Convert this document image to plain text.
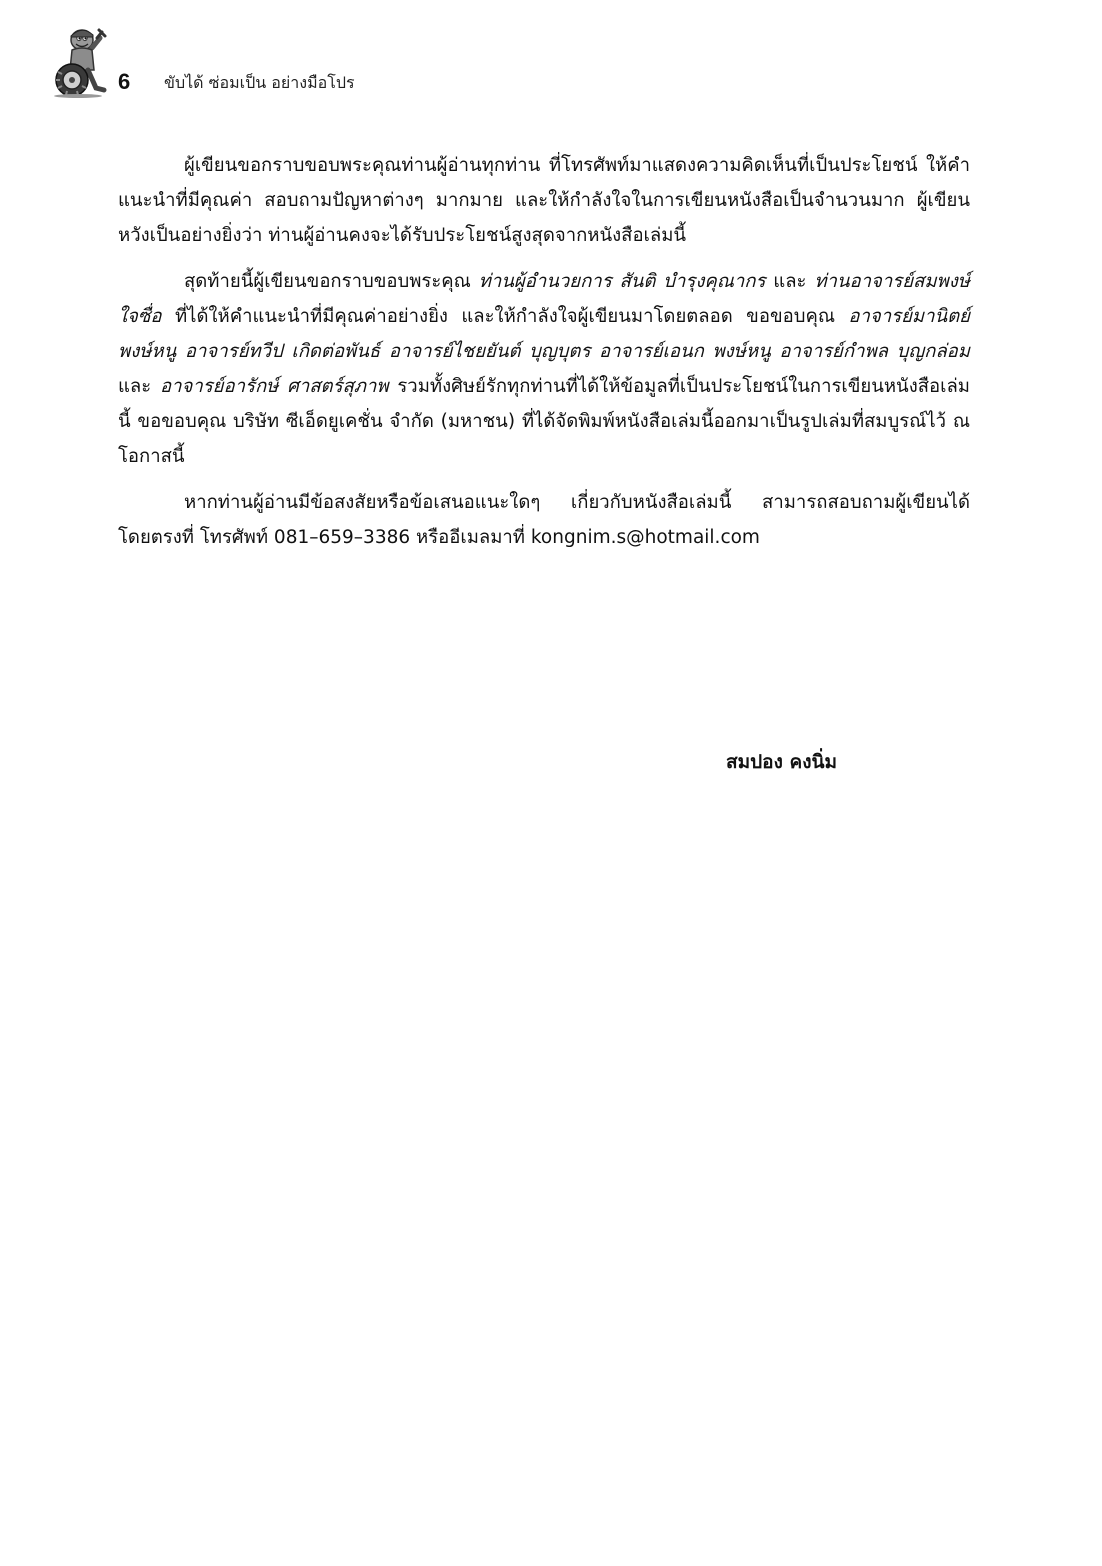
6 ขับได้ ซ่อมเป็น อย่างมือโปร

ผู้เขียนขอกราบขอบพระคุณท่านผู้อ่านทุกท่าน ที่โทรศัพท์มาแสดงความคิดเห็นที่เป็นประโยชน์ ให้คำแนะนำที่มีคุณค่า สอบถามปัญหาต่างๆ มากมาย และให้กำลังใจในการเขียนหนังสือเป็นจำนวนมาก ผู้เขียนหวังเป็นอย่างยิ่งว่า ท่านผู้อ่านคงจะได้รับประโยชน์สูงสุดจากหนังสือเล่มนี้

สุดท้ายนี้ผู้เขียนขอกราบขอบพระคุณ ท่านผู้อำนวยการ สันติ บำรุงคุณากร และ ท่านอาจารย์สมพงษ์ ใจซื่อ ที่ได้ให้คำแนะนำที่มีคุณค่าอย่างยิ่ง และให้กำลังใจผู้เขียนมาโดยตลอด ขอขอบคุณ อาจารย์มานิตย์ พงษ์หนู อาจารย์ทวีป เกิดต่อพันธ์ อาจารย์ไชยยันต์ บุญบุตร อาจารย์เอนก พงษ์หนู อาจารย์กำพล บุญกล่อม และ อาจารย์อารักษ์ ศาสตร์สุภาพ รวมทั้งศิษย์รักทุกท่านที่ได้ให้ข้อมูลที่เป็นประโยชน์ในการเขียนหนังสือเล่มนี้ ขอขอบคุณ บริษัท ซีเอ็ดยูเคชั่น จำกัด (มหาชน) ที่ได้จัดพิมพ์หนังสือเล่มนี้ออกมาเป็นรูปเล่มที่สมบูรณ์ไว้ ณ โอกาสนี้

หากท่านผู้อ่านมีข้อสงสัยหรือข้อเสนอแนะใดๆ เกี่ยวกับหนังสือเล่มนี้ สามารถสอบถามผู้เขียนได้โดยตรงที่ โทรศัพท์ 081–659–3386 หรืออีเมลมาที่ kongnim.s@hotmail.com

สมปอง คงนิ่ม
